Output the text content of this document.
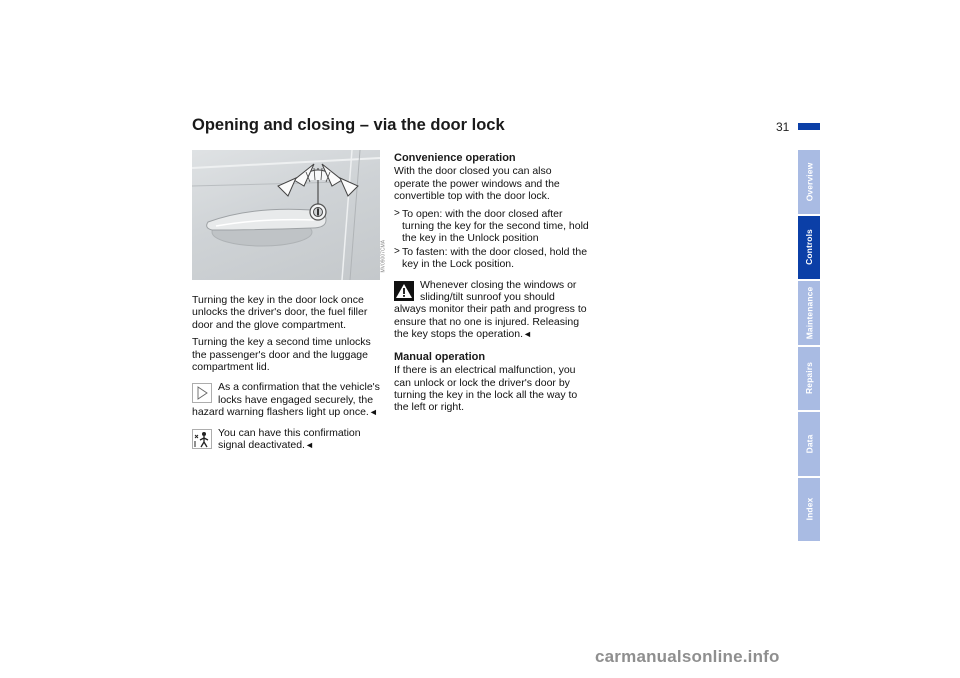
Opening and closing – via the door lock	31
Overview
Controls
Maintenance
Repairs
Data
Index
MV09007CMA

Turning the key in the door lock once unlocks the driver's door, the fuel filler door and the glove compartment.

Turning the key a second time unlocks the passenger's door and the luggage compartment lid.

As a confirmation that the vehicle's locks have engaged securely, the hazard warning flashers light up once.◄
You can have this confirmation signal deactivated.◄
Convenience operation

With the door closed you can also operate the power windows and the convertible top with the door lock.

> To open: with the door closed after turning the key for the second time, hold the key in the Unlock position
> To fasten: with the door closed, hold the key in the Lock position.
Whenever closing the windows or sliding/tilt sunroof you should always monitor their path and progress to ensure that no one is injured. Releasing the key stops the operation.◄
Manual operation

If there is an electrical malfunction, you can unlock or lock the driver's door by turning the key in the lock all the way to the left or right.

carmanualsonline.info
